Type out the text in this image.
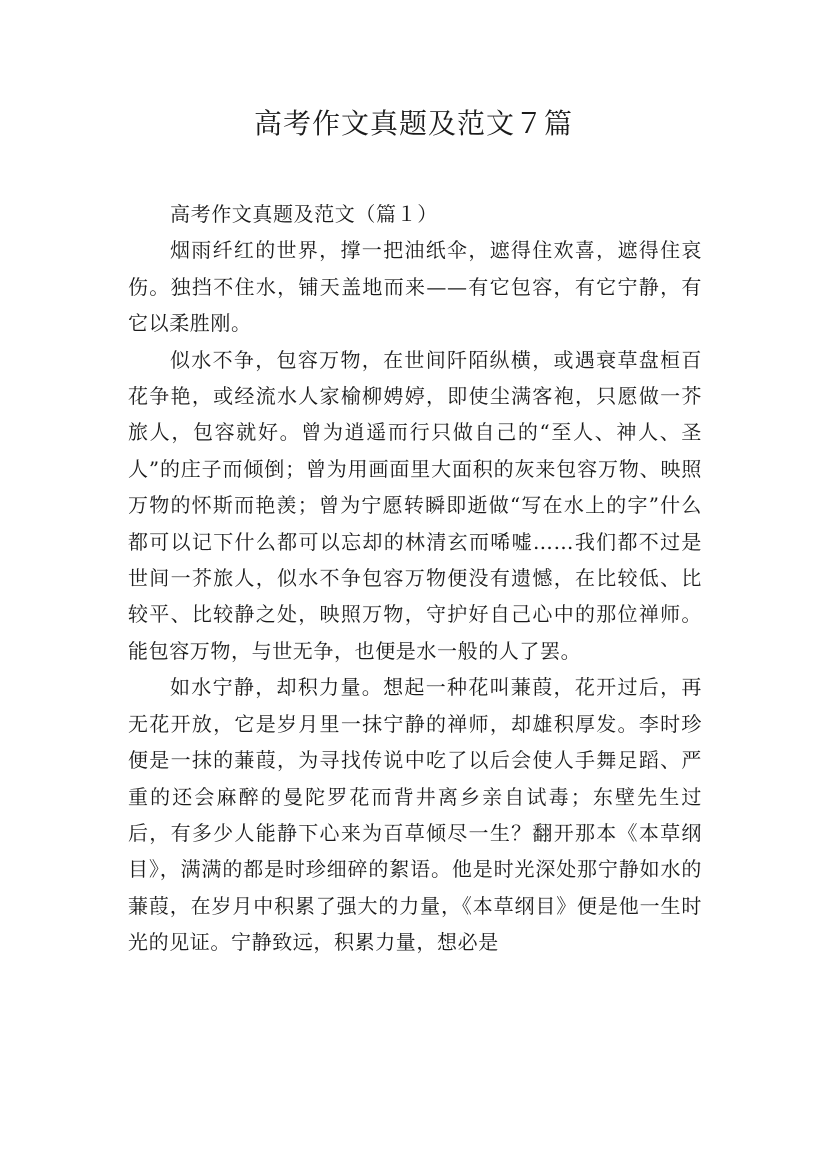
高考作文真题及范文７篇
高考作文真题及范文（篇１）

烟雨纤红的世界，撑一把油纸伞，遮得住欢喜，遮得住哀伤。独挡不住水，铺天盖地而来——有它包容，有它宁静，有它以柔胜刚。

似水不争，包容万物，在世间阡陌纵横，或遇衰草盘桓百花争艳，或经流水人家榆柳娉婷，即使尘满客袍，只愿做一芥旅人，包容就好。曾为逍遥而行只做自己的“至人、神人、圣人”的庄子而倾倒；曾为用画面里大面积的灰来包容万物、映照万物的怀斯而艳羡；曾为宁愿转瞬即逝做“写在水上的字”什么都可以记下什么都可以忘却的林清玄而唏嘘……我们都不过是世间一芥旅人，似水不争包容万物便没有遗憾，在比较低、比较平、比较静之处，映照万物，守护好自己心中的那位禅师。能包容万物，与世无争，也便是水一般的人了罢。

如水宁静，却积力量。想起一种花叫蒹葭，花开过后，再无花开放，它是岁月里一抹宁静的禅师，却雄积厚发。李时珍便是一抹的蒹葭，为寻找传说中吃了以后会使人手舞足蹈、严重的还会麻醉的曼陀罗花而背井离乡亲自试毒；东壁先生过后，有多少人能静下心来为百草倾尽一生？翻开那本《本草纲目》，满满的都是时珍细碎的絮语。他是时光深处那宁静如水的蒹葭，在岁月中积累了强大的力量，《本草纲目》便是他一生时光的见证。宁静致远，积累力量，想必是
